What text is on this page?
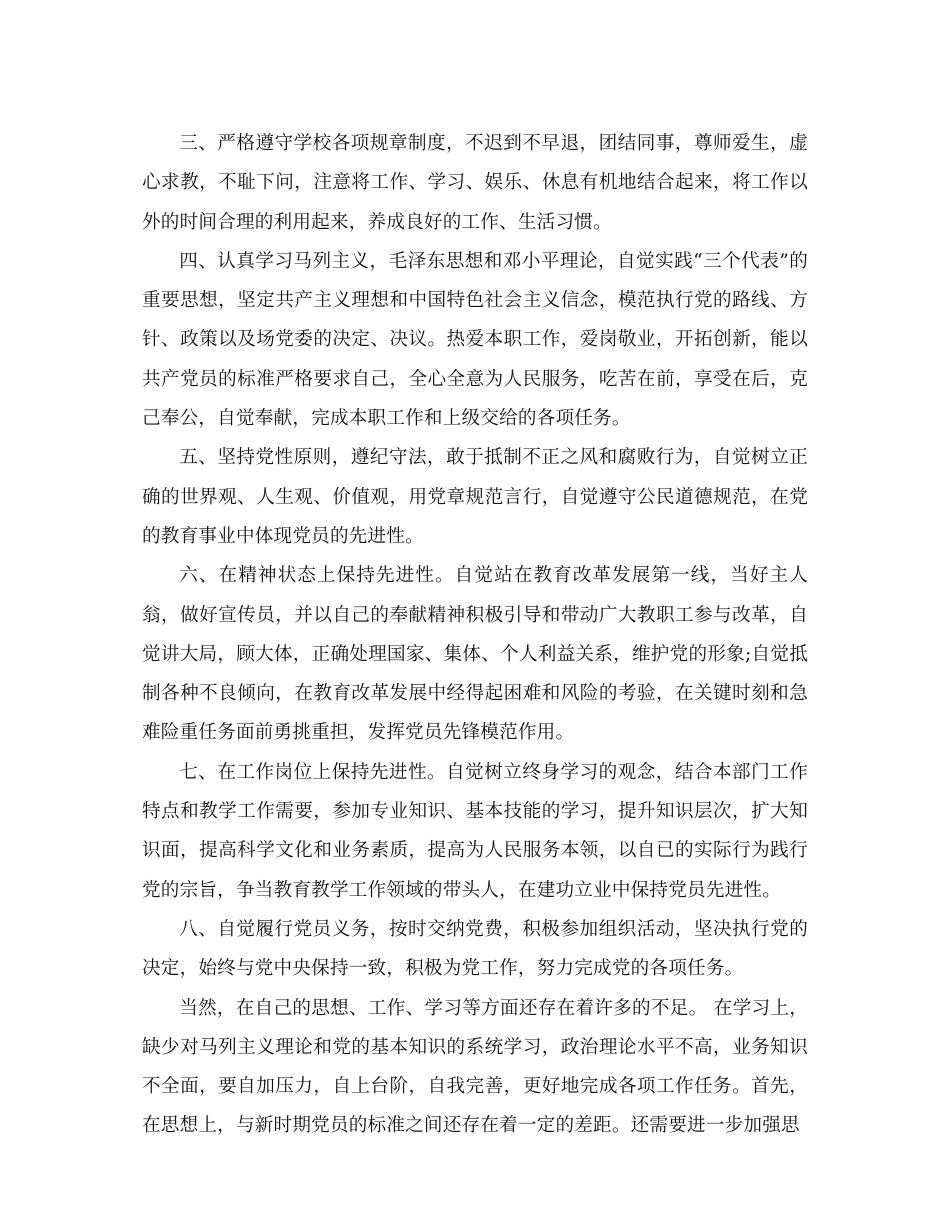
三、严格遵守学校各项规章制度，不迟到不早退，团结同事，尊师爱生，虚心求教，不耻下问，注意将工作、学习、娱乐、休息有机地结合起来，将工作以外的时间合理的利用起来，养成良好的工作、生活习惯。

四、认真学习马列主义，毛泽东思想和邓小平理论，自觉实践“三个代表”的重要思想，坚定共产主义理想和中国特色社会主义信念，模范执行党的路线、方针、政策以及场党委的决定、决议。热爱本职工作，爱岗敬业，开拓创新，能以共产党员的标准严格要求自己，全心全意为人民服务，吃苦在前，享受在后，克己奉公，自觉奉献，完成本职工作和上级交给的各项任务。

五、坚持党性原则，遵纪守法，敢于抵制不正之风和腐败行为，自觉树立正确的世界观、人生观、价值观，用党章规范言行，自觉遵守公民道德规范，在党的教育事业中体现党员的先进性。

六、在精神状态上保持先进性。自觉站在教育改革发展第一线，当好主人翁，做好宣传员，并以自己的奉献精神积极引导和带动广大教职工参与改革，自觉讲大局，顾大体，正确处理国家、集体、个人利益关系，维护党的形象;自觉抵制各种不良倾向，在教育改革发展中经得起困难和风险的考验，在关键时刻和急难险重任务面前勇挑重担，发挥党员先锋模范作用。

七、在工作岗位上保持先进性。自觉树立终身学习的观念，结合本部门工作特点和教学工作需要，参加专业知识、基本技能的学习，提升知识层次，扩大知识面，提高科学文化和业务素质，提高为人民服务本领，以自已的实际行为践行党的宗旨，争当教育教学工作领域的带头人，在建功立业中保持党员先进性。

八、自觉履行党员义务，按时交纳党费，积极参加组织活动，坚决执行党的决定，始终与党中央保持一致，积极为党工作，努力完成党的各项任务。

当然，在自己的思想、工作、学习等方面还存在着许多的不足。 在学习上，缺少对马列主义理论和党的基本知识的系统学习，政治理论水平不高，业务知识不全面，要自加压力，自上台阶，自我完善，更好地完成各项工作任务。首先，在思想上，与新时期党员的标准之间还存在着一定的差距。还需要进一步加强思
